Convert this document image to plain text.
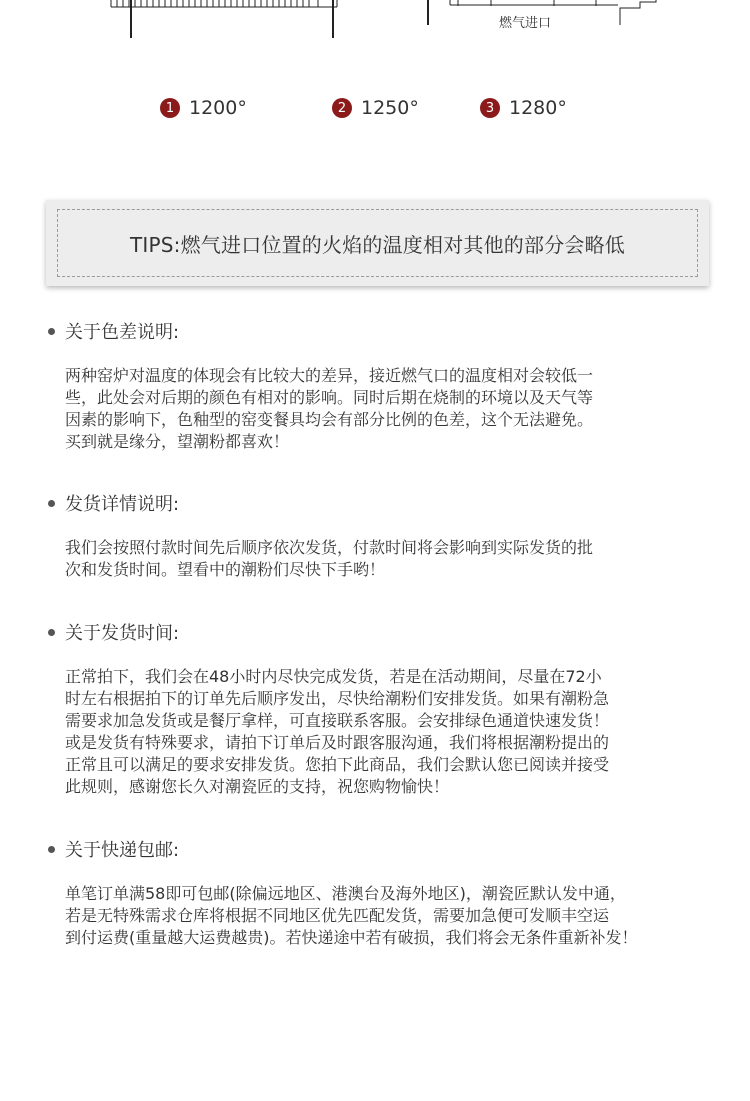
燃气进口
1 1200°	2 1250°	3 1280°
TIPS:燃气进口位置的火焰的温度相对其他的部分会略低
关于色差说明:
两种窑炉对温度的体现会有比较大的差异，接近燃气口的温度相对会较低一
些，此处会对后期的颜色有相对的影响。同时后期在烧制的环境以及天气等
因素的影响下，色釉型的窑变餐具均会有部分比例的色差，这个无法避免。
买到就是缘分，望潮粉都喜欢！
发货详情说明:
我们会按照付款时间先后顺序依次发货，付款时间将会影响到实际发货的批
次和发货时间。望看中的潮粉们尽快下手哟！
关于发货时间:
正常拍下，我们会在48小时内尽快完成发货，若是在活动期间，尽量在72小
时左右根据拍下的订单先后顺序发出，尽快给潮粉们安排发货。如果有潮粉急
需要求加急发货或是餐厅拿样，可直接联系客服。会安排绿色通道快速发货！
或是发货有特殊要求，请拍下订单后及时跟客服沟通，我们将根据潮粉提出的
正常且可以满足的要求安排发货。您拍下此商品，我们会默认您已阅读并接受
此规则，感谢您长久对潮瓷匠的支持，祝您购物愉快！
关于快递包邮:
单笔订单满58即可包邮(除偏远地区、港澳台及海外地区)，潮瓷匠默认发中通，
若是无特殊需求仓库将根据不同地区优先匹配发货，需要加急便可发顺丰空运
到付运费(重量越大运费越贵)。若快递途中若有破损，我们将会无条件重新补发！
